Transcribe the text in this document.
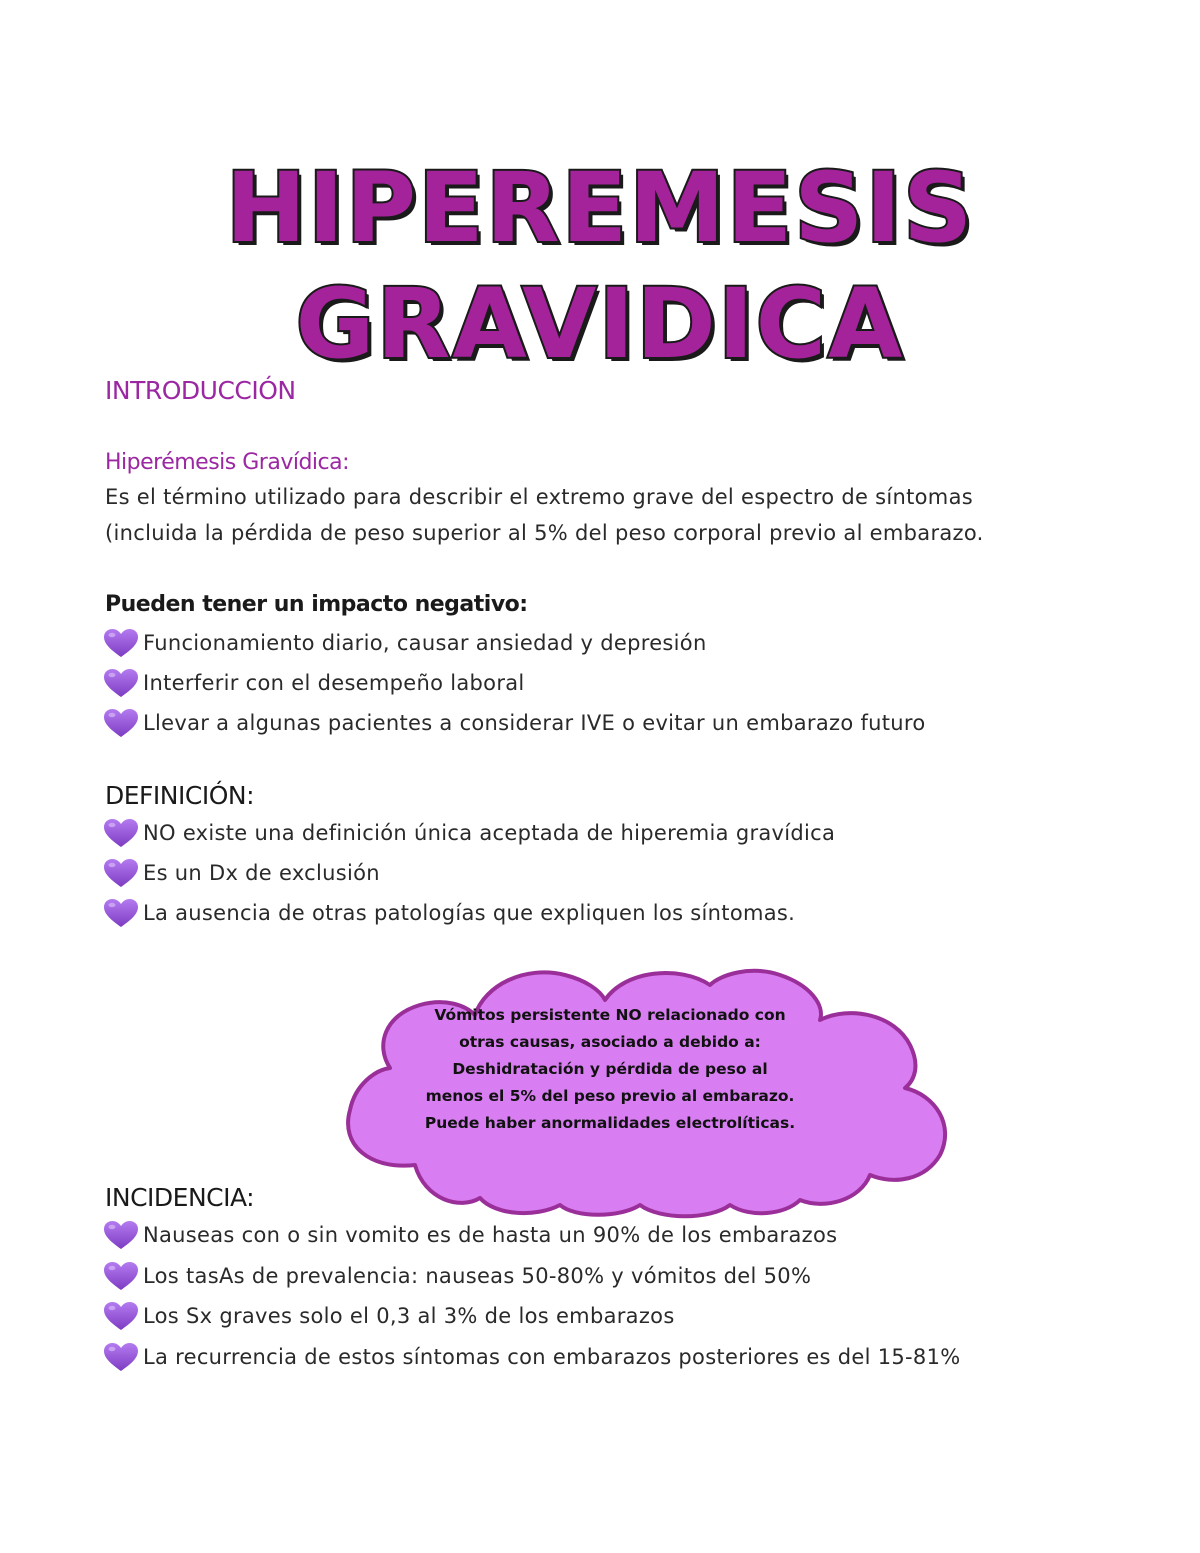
HIPEREMESIS
GRAVIDICA
INTRODUCCIÓN
Hiperémesis Gravídica:
Es el término utilizado para describir el extremo grave del espectro de síntomas
(incluida la pérdida de peso superior al 5% del peso corporal previo al embarazo.
Pueden tener un impacto negativo:
Funcionamiento diario, causar ansiedad y depresión
Interferir con el desempeño laboral
Llevar a algunas pacientes a considerar IVE o evitar un embarazo futuro
DEFINICIÓN:
NO existe una definición única aceptada de hiperemia gravídica
Es un Dx de exclusión
La ausencia de otras patologías que expliquen los síntomas.
Vómitos persistente NO relacionado con
otras causas, asociado a debido a:
Deshidratación y pérdida de peso al
menos el 5% del peso previo al embarazo.
Puede haber anormalidades electrolíticas.
INCIDENCIA:
Nauseas con o sin vomito es de hasta un 90% de los embarazos
Los tasAs de prevalencia: nauseas 50-80% y vómitos del 50%
Los Sx graves solo el 0,3 al 3% de los embarazos
La recurrencia de estos síntomas con embarazos posteriores es del 15-81%
